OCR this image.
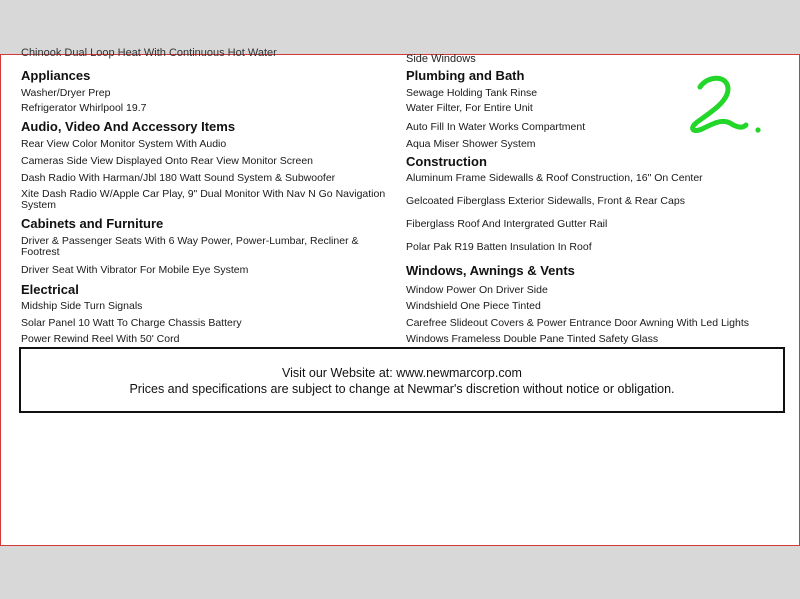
Chinook Dual Loop Heat With Continuous Hot Water	Side Windows
Appliances
Washer/Dryer Prep
Refrigerator Whirlpool 19.7
Audio, Video And Accessory Items
Rear View Color Monitor System With Audio
Cameras Side View Displayed Onto Rear View Monitor Screen
Dash Radio With Harman/Jbl 180 Watt Sound System & Subwoofer
Xite Dash Radio W/Apple Car Play, 9" Dual Monitor With Nav N Go Navigation System
Cabinets and Furniture
Driver & Passenger Seats With 6 Way Power, Power-Lumbar, Recliner & Footrest
Driver Seat With Vibrator For Mobile Eye System
Electrical
Midship Side Turn Signals
Solar Panel 10 Watt To Charge Chassis Battery
Power Rewind Reel With 50' Cord
Plumbing and Bath
Sewage Holding Tank Rinse
Water Filter, For Entire Unit
Auto Fill In Water Works Compartment
Aqua Miser Shower System
Construction
Aluminum Frame Sidewalls & Roof Construction, 16" On Center
Gelcoated Fiberglass Exterior Sidewalls, Front & Rear Caps
Fiberglass Roof And Intergrated Gutter Rail
Polar Pak R19 Batten Insulation In Roof
Windows, Awnings & Vents
Window Power On Driver Side
Windshield One Piece Tinted
Carefree Slideout Covers & Power Entrance Door Awning With Led Lights
Windows Frameless Double Pane Tinted Safety Glass
Visit our Website at: www.newmarcorp.com
Prices and specifications are subject to change at Newmar's discretion without notice or obligation.
